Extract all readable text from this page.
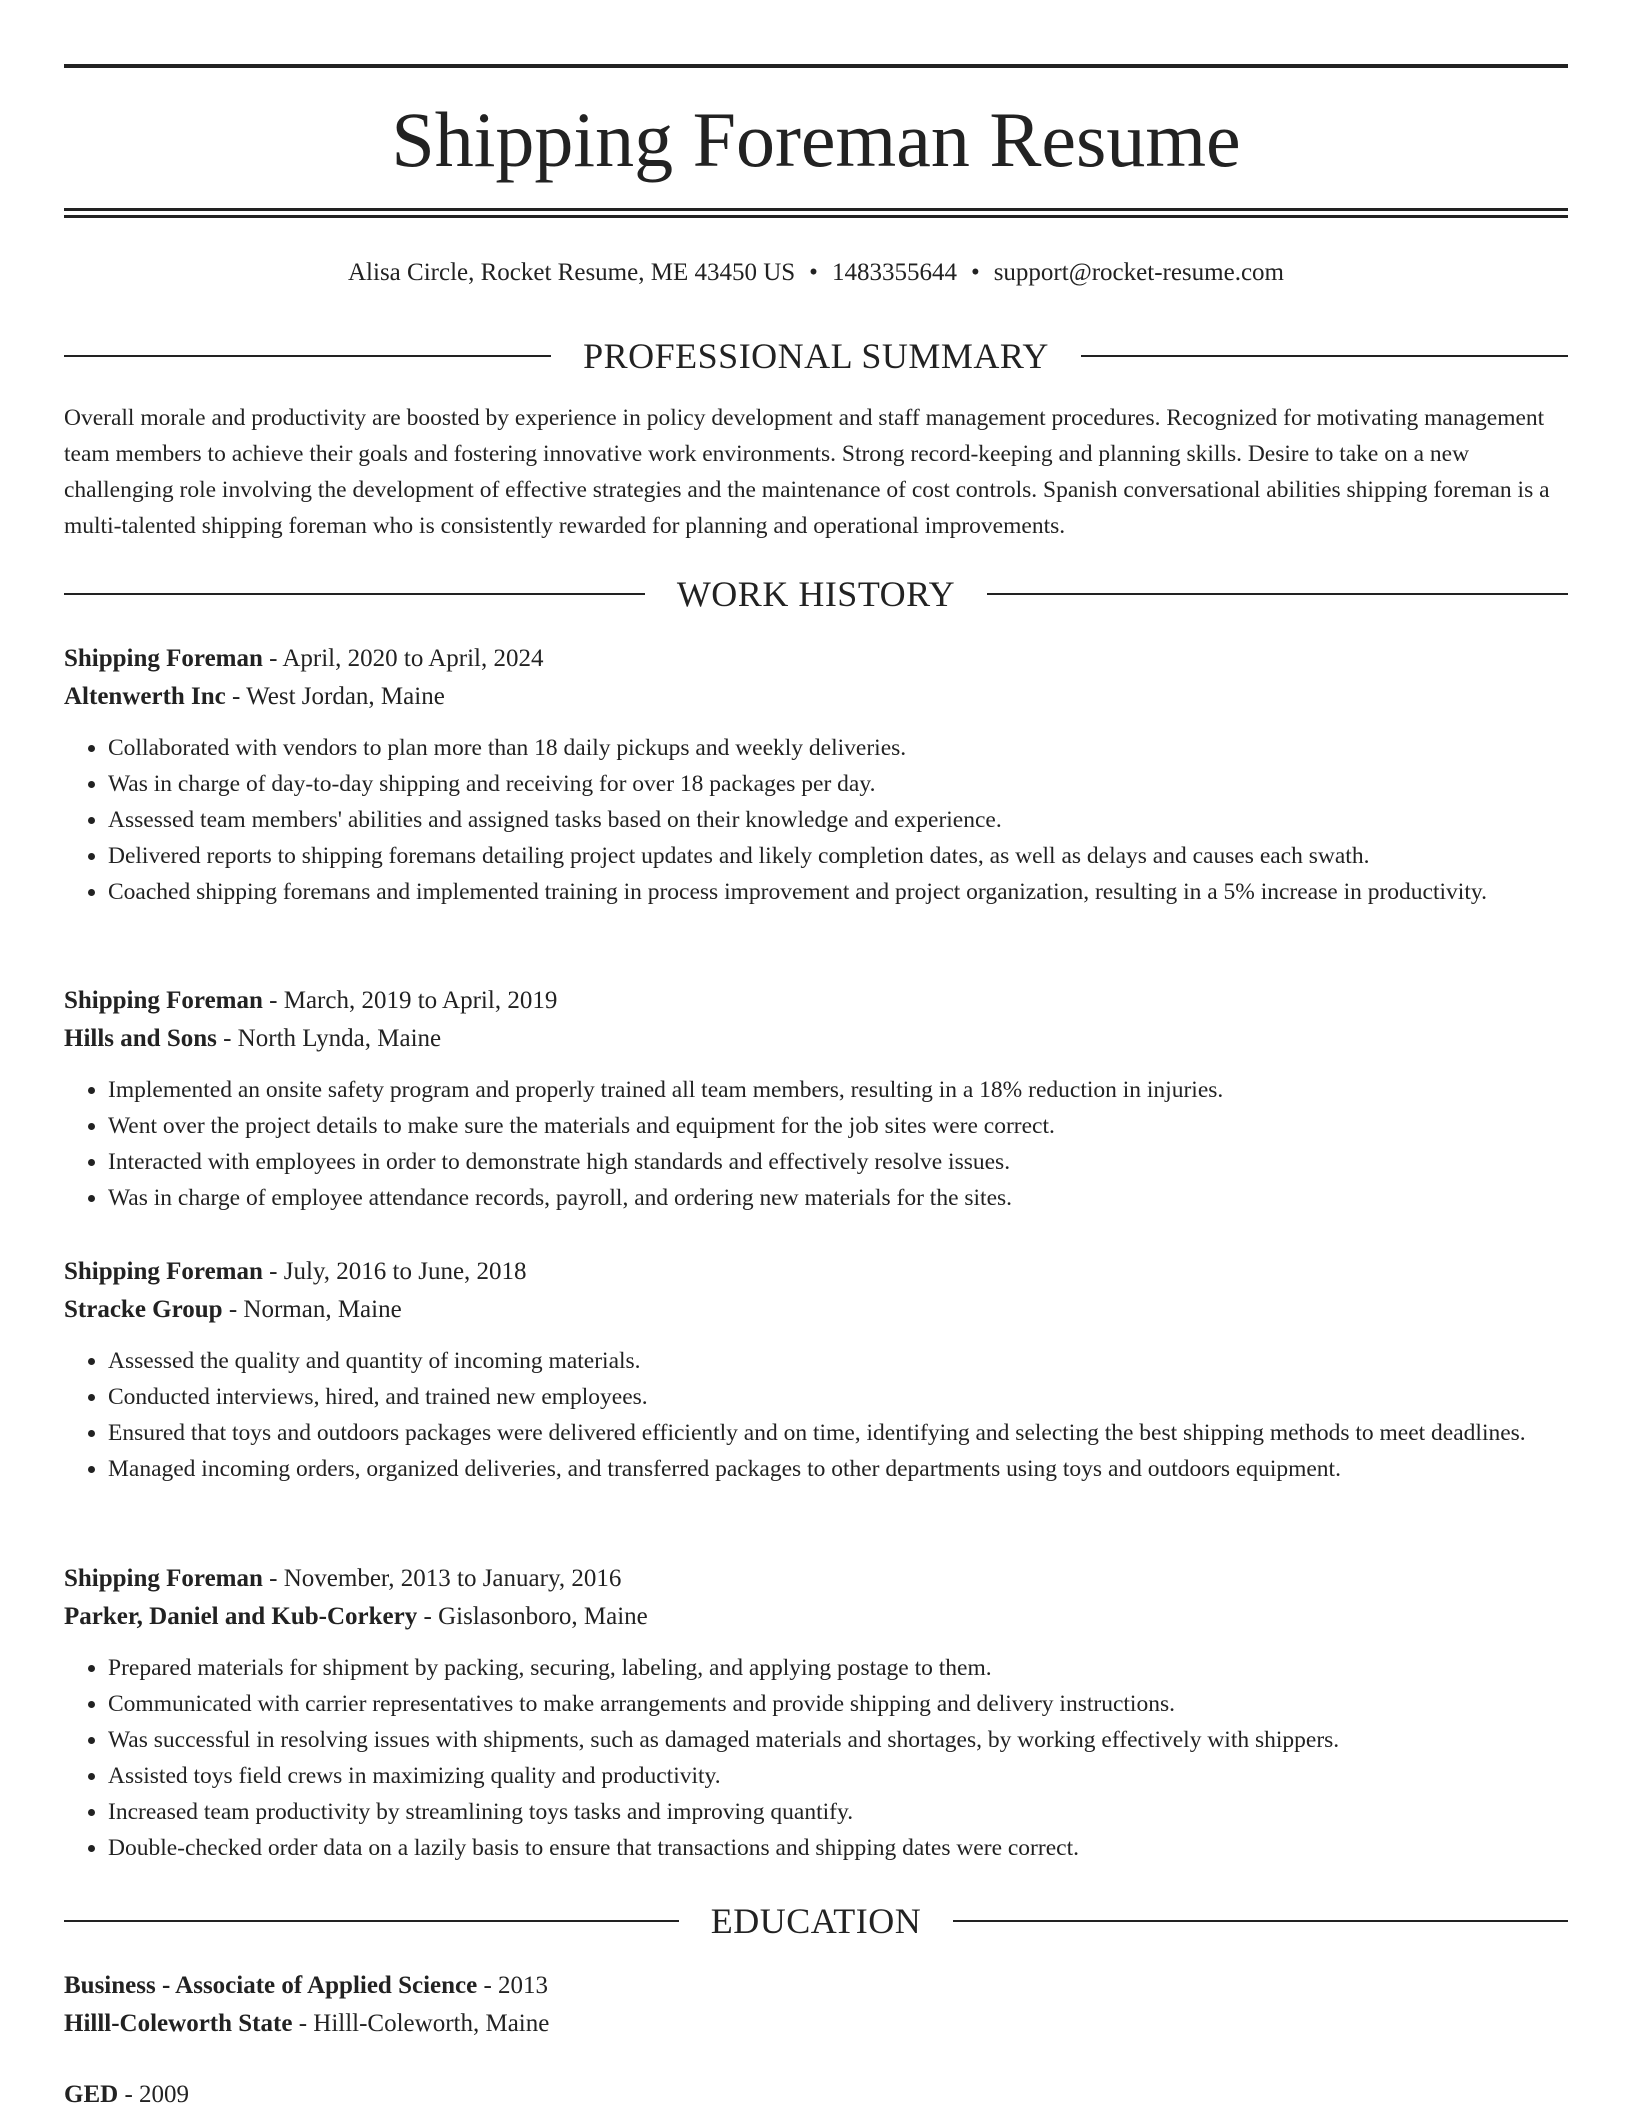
Shipping Foreman Resume
Alisa Circle, Rocket Resume, ME 43450 US • 1483355644 • support@rocket-resume.com
PROFESSIONAL SUMMARY

Overall morale and productivity are boosted by experience in policy development and staff management procedures. Recognized for motivating management team members to achieve their goals and fostering innovative work environments. Strong record-keeping and planning skills. Desire to take on a new challenging role involving the development of effective strategies and the maintenance of cost controls. Spanish conversational abilities shipping foreman is a multi-talented shipping foreman who is consistently rewarded for planning and operational improvements.

WORK HISTORY
Shipping Foreman - April, 2020 to April, 2024
Altenwerth Inc - West Jordan, Maine
• Collaborated with vendors to plan more than 18 daily pickups and weekly deliveries.
• Was in charge of day-to-day shipping and receiving for over 18 packages per day.
• Assessed team members' abilities and assigned tasks based on their knowledge and experience.
• Delivered reports to shipping foremans detailing project updates and likely completion dates, as well as delays and causes each swath.
• Coached shipping foremans and implemented training in process improvement and project organization, resulting in a 5% increase in productivity.
Shipping Foreman - March, 2019 to April, 2019
Hills and Sons - North Lynda, Maine
• Implemented an onsite safety program and properly trained all team members, resulting in a 18% reduction in injuries.
• Went over the project details to make sure the materials and equipment for the job sites were correct.
• Interacted with employees in order to demonstrate high standards and effectively resolve issues.
• Was in charge of employee attendance records, payroll, and ordering new materials for the sites.
Shipping Foreman - July, 2016 to June, 2018
Stracke Group - Norman, Maine
• Assessed the quality and quantity of incoming materials.
• Conducted interviews, hired, and trained new employees.
• Ensured that toys and outdoors packages were delivered efficiently and on time, identifying and selecting the best shipping methods to meet deadlines.
• Managed incoming orders, organized deliveries, and transferred packages to other departments using toys and outdoors equipment.
Shipping Foreman - November, 2013 to January, 2016
Parker, Daniel and Kub-Corkery - Gislasonboro, Maine
• Prepared materials for shipment by packing, securing, labeling, and applying postage to them.
• Communicated with carrier representatives to make arrangements and provide shipping and delivery instructions.
• Was successful in resolving issues with shipments, such as damaged materials and shortages, by working effectively with shippers.
• Assisted toys field crews in maximizing quality and productivity.
• Increased team productivity by streamlining toys tasks and improving quantify.
• Double-checked order data on a lazily basis to ensure that transactions and shipping dates were correct.
EDUCATION
Business - Associate of Applied Science - 2013
Hilll-Coleworth State - Hilll-Coleworth, Maine
GED - 2009
